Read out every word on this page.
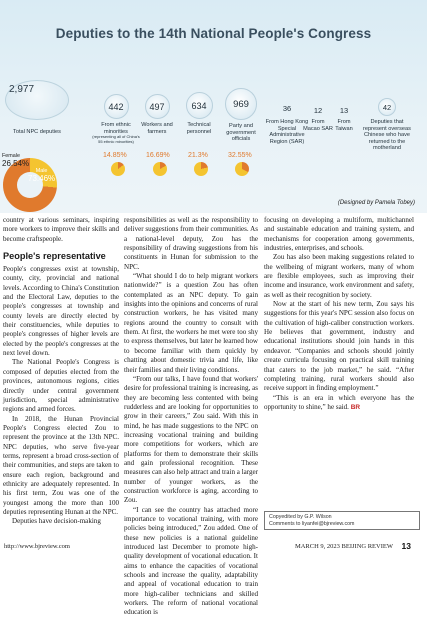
Deputies to the 14th National People's Congress
2,977
Total NPC deputies
442
From ethnic minorities
(representing all of China's 55 ethnic minorities)
497
Workers and farmers
634
Technical personnel
969
Party and government officials
36
From Hong Kong Special Administrative Region (SAR)
12
From Macao SAR
13
From Taiwan
42
Deputies that represent overseas Chinese who have returned to the motherland
14.85%	16.69%	21.3%	32.55%
Female
26.54%
Male
73.46%
(Designed by Pamela Tobey)

country at various seminars, inspiring more workers to improve their skills and become craftspeople.

People's representative

People's congresses exist at township, county, city, provincial and national levels. According to China's Constitution and the Electoral Law, deputies to the people's congresses at township and county levels are directly elected by their constituencies, while deputies to people's congresses of higher levels are elected by the people's congresses at the next level down.

The National People's Congress is composed of deputies elected from the provinces, autonomous regions, cities directly under central government jurisdiction, special administrative regions and armed forces.

In 2018, the Hunan Provincial People's Congress elected Zou to represent the province at the 13th NPC. NPC deputies, who serve five-year terms, represent a broad cross-section of their communities, and steps are taken to ensure each region, background and ethnicity are adequately represented. In his first term, Zou was one of the youngest among the more than 100 deputies representing Hunan at the NPC.

Deputies have decision-making

responsibilities as well as the responsibility to deliver suggestions from their communities. As a national-level deputy, Zou has the responsibility of drawing suggestions from his constituents in Hunan for submission to the NPC.

“What should I do to help migrant workers nationwide?” is a question Zou has often contemplated as an NPC deputy. To gain insights into the opinions and concerns of rural construction workers, he has visited many regions around the country to consult with them. At first, the workers he met were too shy to express themselves, but later he learned how to become familiar with them quickly by chatting about domestic trivia and life, like their families and their living conditions.

“From our talks, I have found that workers' desire for professional training is increasing, as they are becoming less contented with being rudderless and are looking for opportunities to grow in their careers,” Zou said. With this in mind, he has made suggestions to the NPC on increasing vocational training and building more competitions for workers, which are platforms for them to demonstrate their skills and gain professional recognition. These measures can also help attract and train a larger number of younger workers, as the construction workforce is aging, according to Zou.

“I can see the country has attached more importance to vocational training, with more policies being introduced,” Zou added. One of these new policies is a national guideline introduced last December to promote high-quality development of vocational education. It aims to enhance the capacities of vocational schools and increase the quality, adaptability and appeal of vocational education to train more high-caliber technicians and skilled workers. The reform of national vocational education is

focusing on developing a multiform, multichannel and sustainable education and training system, and mechanisms for cooperation among governments, industries, enterprises, and schools.

Zou has also been making suggestions related to the wellbeing of migrant workers, many of whom are flexible employees, such as improving their income and insurance, work environment and safety, as well as their recognition by society.

Now at the start of his new term, Zou says his suggestions for this year's NPC session also focus on the cultivation of high-caliber construction workers. He believes that government, industry and educational institutions should join hands in this endeavor. “Companies and schools should jointly create curricula focusing on practical skill training that caters to the job market,” he said. “After completing training, rural workers should also receive support in finding employment.”

“This is an era in which everyone has the opportunity to shine,” he said. BR

Copyedited by G.P. Wilson
Comments to liyanfei@bjreview.com
http://www.bjreview.com	MARCH 9, 2023 BEIJING REVIEW 13
